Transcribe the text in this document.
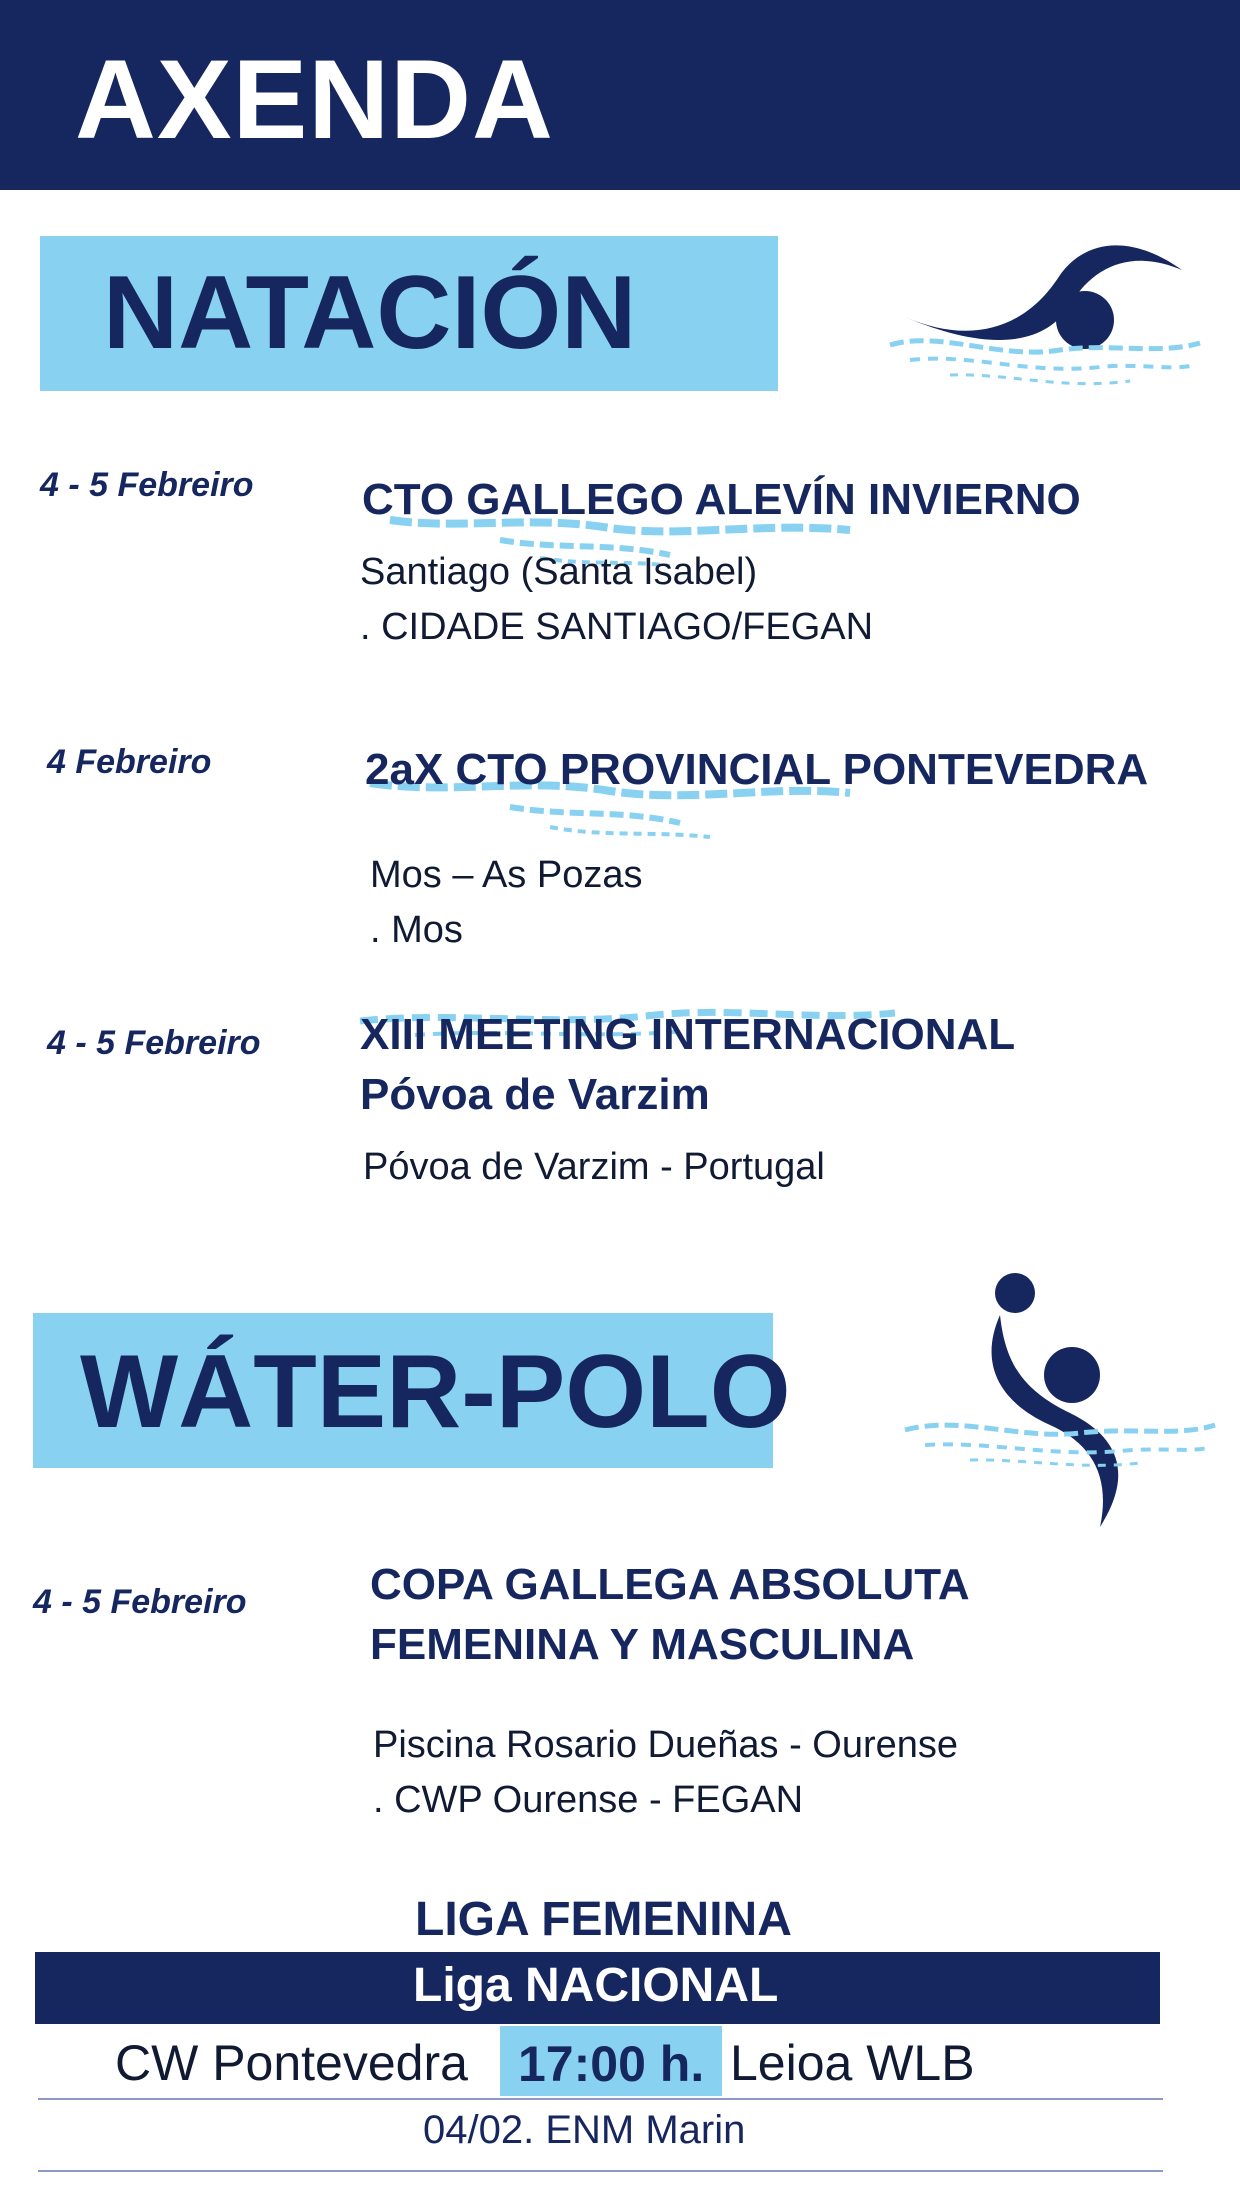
AXENDA
NATACIÓN
4 - 5 Febreiro CTO GALLEGO ALEVÍN INVIERNO
Santiago (Santa Isabel)
. CIDADE SANTIAGO/FEGAN
4 Febreiro	2aX CTO PROVINCIAL PONTEVEDRA
Mos – As Pozas
. Mos
4 - 5 Febreiro XIII MEETING INTERNACIONAL
Póvoa de Varzim
Póvoa de Varzim - Portugal
WÁTER-POLO
4 - 5 Febreiro	COPA GALLEGA ABSOLUTA
FEMENINA Y MASCULINA
Piscina Rosario Dueñas - Ourense
. CWP Ourense - FEGAN
LIGA FEMENINA
Liga NACIONAL
CW Pontevedra 17:00 h. Leioa WLB
04/02. ENM Marin
